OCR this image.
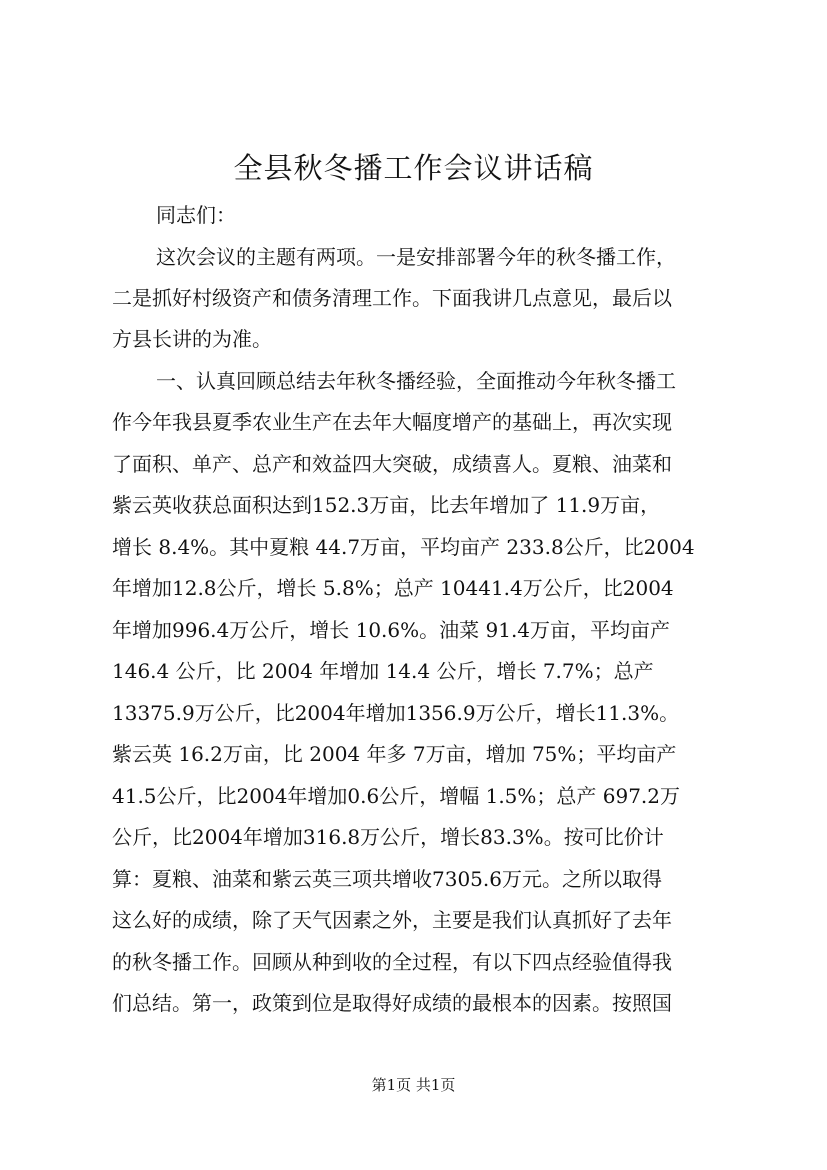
全县秋冬播工作会议讲话稿

同志们：

这次会议的主题有两项。一是安排部署今年的秋冬播工作，

二是抓好村级资产和债务清理工作。下面我讲几点意见，最后以

方县长讲的为准。

一、认真回顾总结去年秋冬播经验，全面推动今年秋冬播工

作今年我县夏季农业生产在去年大幅度增产的基础上，再次实现

了面积、单产、总产和效益四大突破，成绩喜人。夏粮、油菜和

紫云英收获总面积达到152.3万亩，比去年增加了 11.9万亩，

增长 8.4%。其中夏粮 44.7万亩，平均亩产 233.8公斤，比2004

年增加12.8公斤，增长 5.8%；总产 10441.4万公斤，比2004

年增加996.4万公斤，增长 10.6%。油菜 91.4万亩，平均亩产

146.4 公斤，比 2004 年增加 14.4 公斤，增长 7.7%；总产

13375.9万公斤，比2004年增加1356.9万公斤，增长11.3%。

紫云英 16.2万亩，比 2004 年多 7万亩，增加 75%；平均亩产

41.5公斤，比2004年增加0.6公斤，增幅 1.5%；总产 697.2万

公斤，比2004年增加316.8万公斤，增长83.3%。按可比价计

算：夏粮、油菜和紫云英三项共增收7305.6万元。之所以取得

这么好的成绩，除了天气因素之外，主要是我们认真抓好了去年

的秋冬播工作。回顾从种到收的全过程，有以下四点经验值得我

们总结。第一，政策到位是取得好成绩的最根本的因素。按照国

第1页 共1页
